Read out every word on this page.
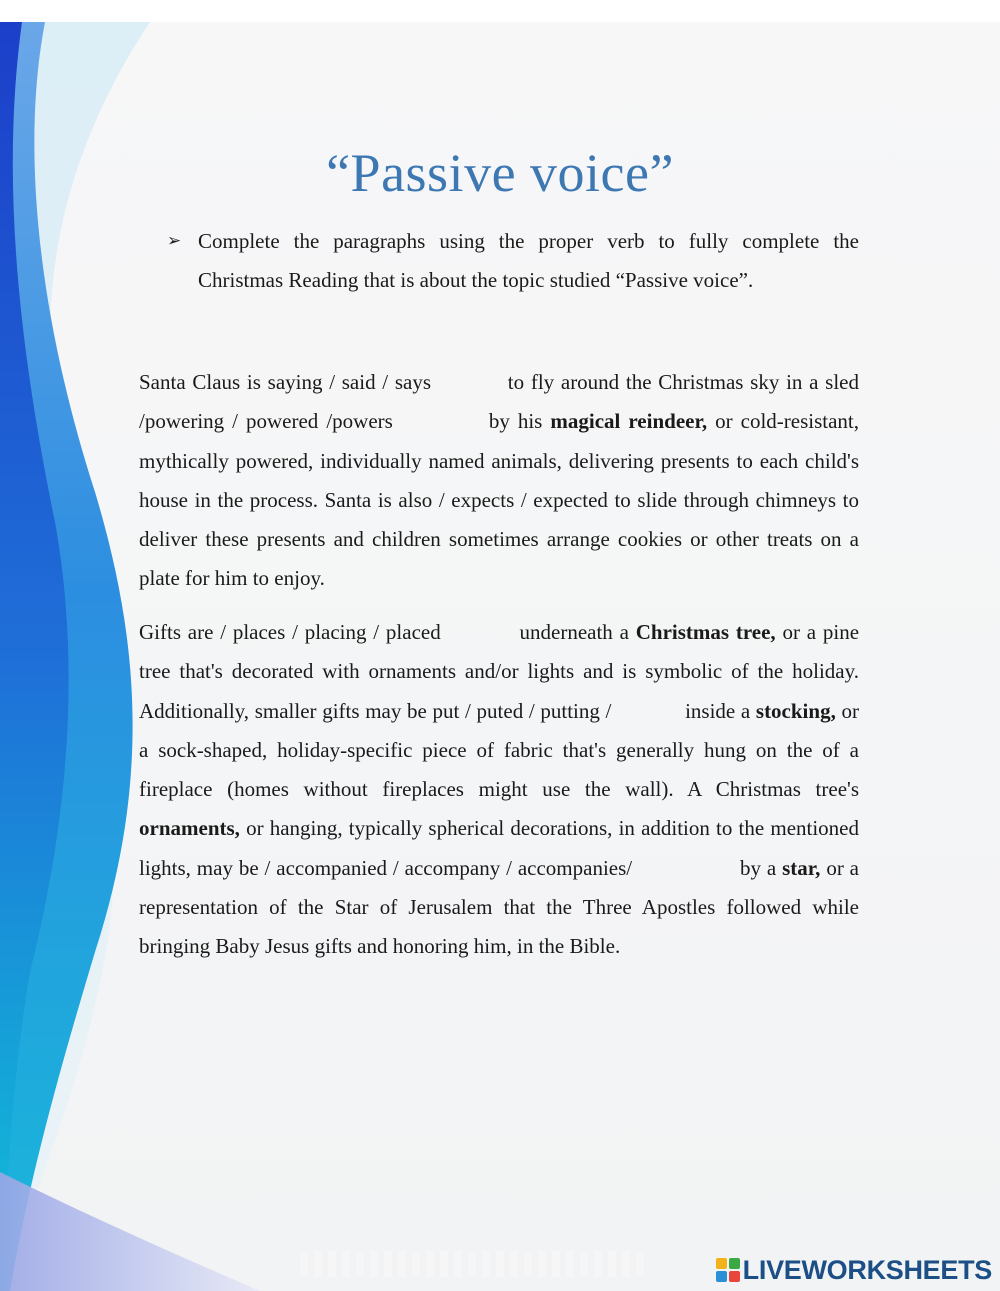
“Passive voice”
➢ Complete the paragraphs using the proper verb to fully complete the Christmas Reading that is about the topic studied “Passive voice”.
Santa Claus is saying / said / says	to fly around the Christmas sky in a sled /powering / powered /powers	by his magical reindeer, or cold-resistant, mythically powered, individually named animals, delivering presents to each child's house in the process. Santa is also / expects / expected to slide through chimneys to deliver these presents and children sometimes arrange cookies or other treats on a plate for him to enjoy.
Gifts are / places / placing / placed	underneath a Christmas tree, or a pine tree that's decorated with ornaments and/or lights and is symbolic of the holiday. Additionally, smaller gifts may be put / puted / putting /	inside a stocking, or a sock-shaped, holiday-specific piece of fabric that's generally hung on the of a fireplace (homes without fireplaces might use the wall). A Christmas tree's ornaments, or hanging, typically spherical decorations, in addition to the mentioned lights, may be / accompanied / accompany / accompanies/	by a star, or a representation of the Star of Jerusalem that the Three Apostles followed while bringing Baby Jesus gifts and honoring him, in the Bible.
LIVEWORKSHEETS
